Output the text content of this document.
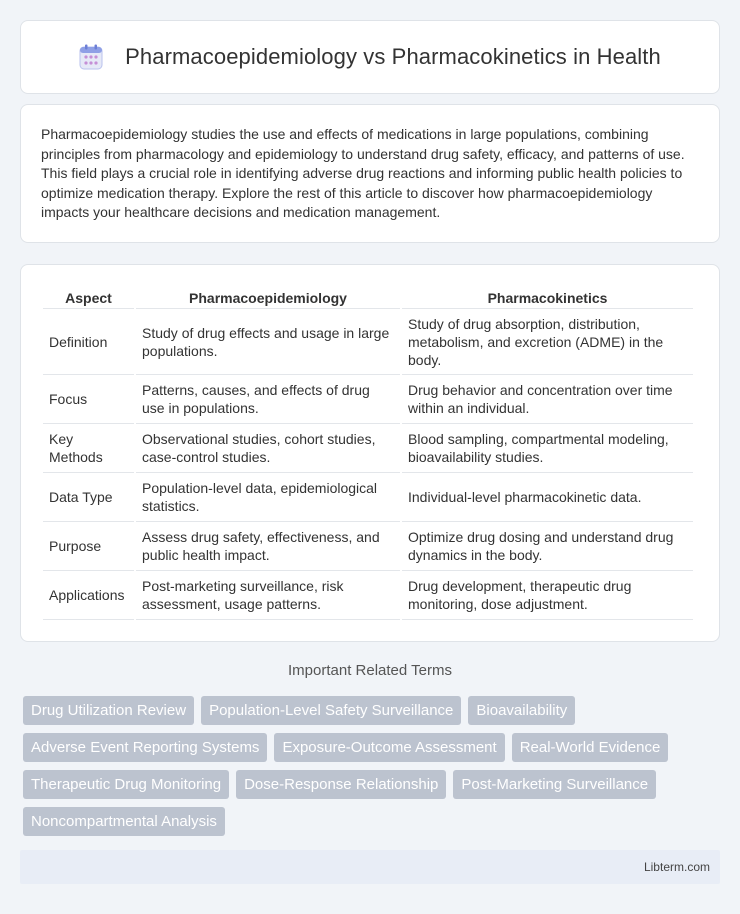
Pharmacoepidemiology vs Pharmacokinetics in Health

Pharmacoepidemiology studies the use and effects of medications in large populations, combining principles from pharmacology and epidemiology to understand drug safety, efficacy, and patterns of use. This field plays a crucial role in identifying adverse drug reactions and informing public health policies to optimize medication therapy. Explore the rest of this article to discover how pharmacoepidemiology impacts your healthcare decisions and medication management.

Aspect	Pharmacoepidemiology	Pharmacokinetics
Definition	Study of drug effects and usage in large populations.	Study of drug absorption, distribution, metabolism, and excretion (ADME) in the body.
Focus	Patterns, causes, and effects of drug use in populations.	Drug behavior and concentration over time within an individual.
Key Methods	Observational studies, cohort studies, case-control studies.	Blood sampling, compartmental modeling, bioavailability studies.
Data Type	Population-level data, epidemiological statistics.	Individual-level pharmacokinetic data.
Purpose	Assess drug safety, effectiveness, and public health impact.	Optimize drug dosing and understand drug dynamics in the body.
Applications	Post-marketing surveillance, risk assessment, usage patterns.	Drug development, therapeutic drug monitoring, dose adjustment.
Important Related Terms
Drug Utilization Review	Population-Level Safety Surveillance	Bioavailability
Adverse Event Reporting Systems	Exposure-Outcome Assessment	Real-World Evidence
Therapeutic Drug Monitoring	Dose-Response Relationship	Post-Marketing Surveillance
Noncompartmental Analysis
Libterm.com
